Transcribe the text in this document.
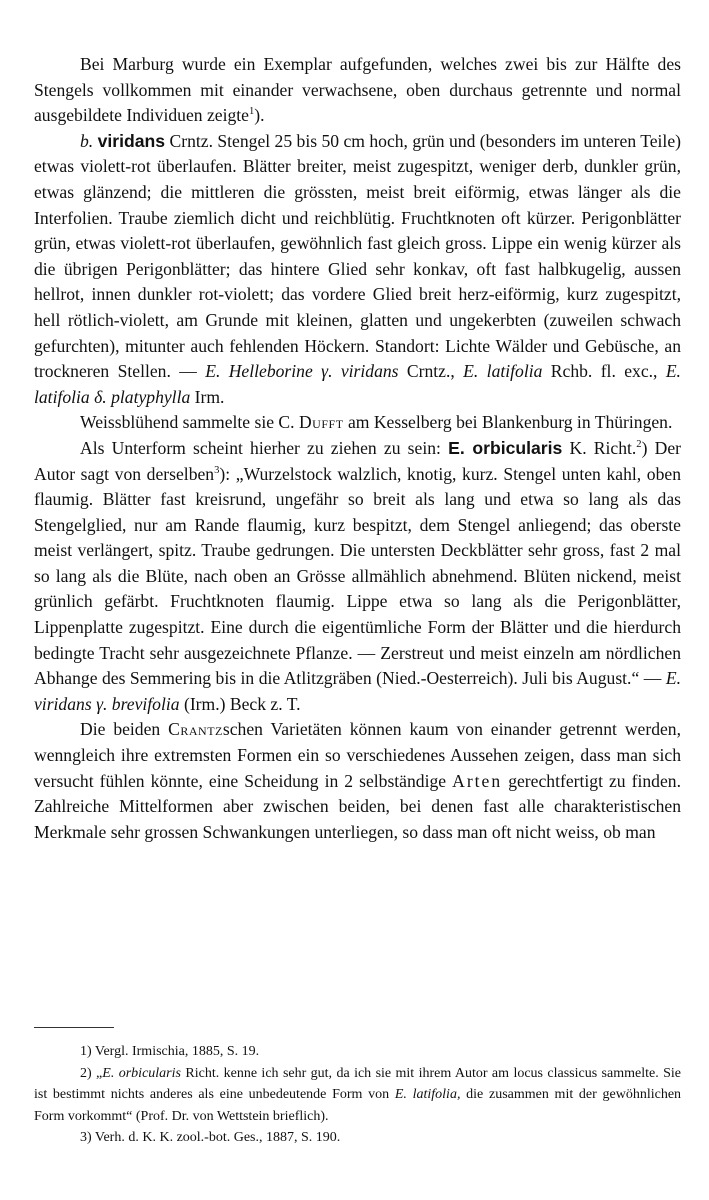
Bei Marburg wurde ein Exemplar aufgefunden, welches zwei bis zur Hälfte des Stengels vollkommen mit einander verwachsene, oben durchaus getrennte und normal ausgebildete Individuen zeigte$^1$).

b. viridans Crntz. Stengel 25 bis 50 cm hoch, grün und (besonders im unteren Teile) etwas violett-rot überlaufen. Blätter breiter, meist zugespitzt, weniger derb, dunkler grün, etwas glänzend; die mittleren die grössten, meist breit eiförmig, etwas länger als die Interfolien. Traube ziemlich dicht und reichblütig. Fruchtknoten oft kürzer. Perigonblätter grün, etwas violett-rot überlaufen, gewöhnlich fast gleich gross. Lippe ein wenig kürzer als die übrigen Perigonblätter; das hintere Glied sehr konkav, oft fast halbkugelig, aussen hellrot, innen dunkler rot-violett; das vordere Glied breit herz-eiförmig, kurz zugespitzt, hell rötlich-violett, am Grunde mit kleinen, glatten und ungekerbten (zuweilen schwach gefurchten), mitunter auch fehlenden Höckern. Standort: Lichte Wälder und Gebüsche, an trockneren Stellen. — E. Helleborine γ. viridans Crntz., E. latifolia Rchb. fl. exc., E. latifolia δ. platyphylla Irm.

Weissblühend sammelte sie C. Dufft am Kesselberg bei Blankenburg in Thüringen.

Als Unterform scheint hierher zu ziehen zu sein: E. orbicularis K. Richt.$^2$) Der Autor sagt von derselben$^3$): „Wurzelstock walzlich, knotig, kurz. Stengel unten kahl, oben flaumig. Blätter fast kreisrund, ungefähr so breit als lang und etwa so lang als das Stengelglied, nur am Rande flaumig, kurz bespitzt, dem Stengel anliegend; das oberste meist verlängert, spitz. Traube gedrungen. Die untersten Deckblätter sehr gross, fast 2 mal so lang als die Blüte, nach oben an Grösse allmählich abnehmend. Blüten nickend, meist grünlich gefärbt. Fruchtknoten flaumig. Lippe etwa so lang als die Perigonblätter, Lippenplatte zugespitzt. Eine durch die eigentümliche Form der Blätter und die hierdurch bedingte Tracht sehr ausgezeichnete Pflanze. — Zerstreut und meist einzeln am nördlichen Abhange des Semmering bis in die Atlitzgräben (Nied.-Oesterreich). Juli bis August.“ — E. viridans γ. brevifolia (Irm.) Beck z. T.

Die beiden Crantzschen Varietäten können kaum von einander getrennt werden, wenngleich ihre extremsten Formen ein so verschiedenes Aussehen zeigen, dass man sich versucht fühlen könnte, eine Scheidung in 2 selbständige Arten gerechtfertigt zu finden. Zahlreiche Mittelformen aber zwischen beiden, bei denen fast alle charakteristischen Merkmale sehr grossen Schwankungen unterliegen, so dass man oft nicht weiss, ob man

1) Vergl. Irmischia, 1885, S. 19.

2) „E. orbicularis Richt. kenne ich sehr gut, da ich sie mit ihrem Autor am locus classicus sammelte. Sie ist bestimmt nichts anderes als eine unbedeutende Form von E. latifolia, die zusammen mit der gewöhnlichen Form vorkommt“ (Prof. Dr. von Wettstein brieflich).

3) Verh. d. K. K. zool.-bot. Ges., 1887, S. 190.
